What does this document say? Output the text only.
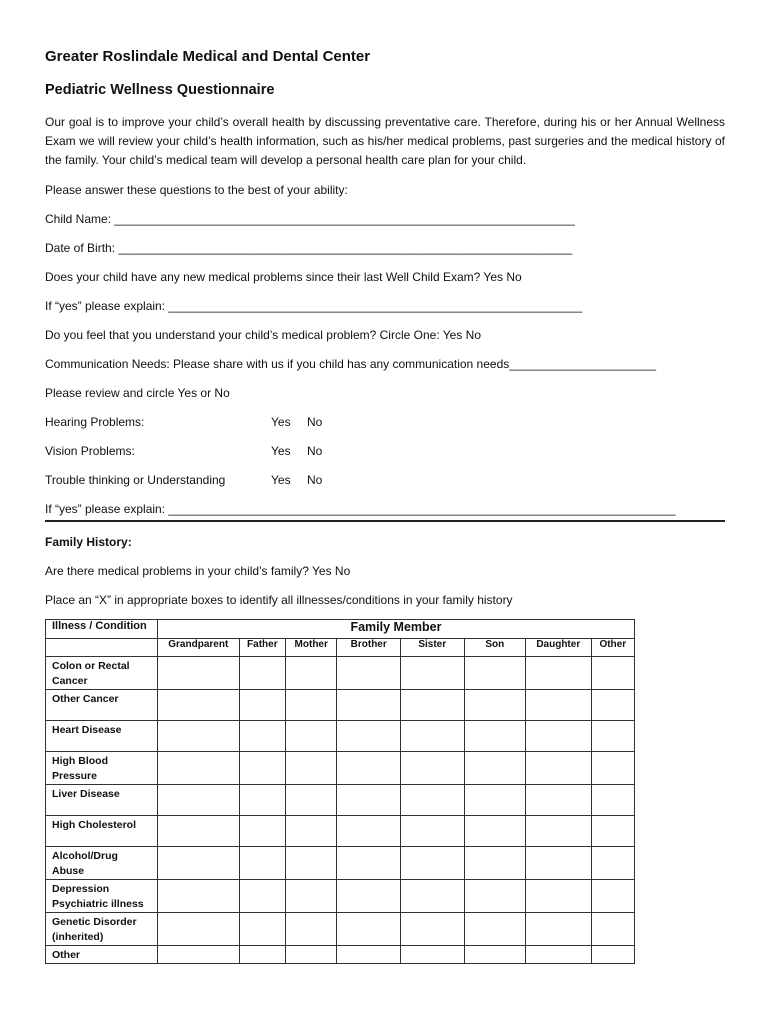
Greater Roslindale Medical and Dental Center
Pediatric Wellness Questionnaire
Our goal is to improve your child’s overall health by discussing preventative care. Therefore, during his or her Annual Wellness Exam we will review your child’s health information, such as his/her medical problems, past surgeries and the medical history of the family. Your child’s medical team will develop a personal health care plan for your child.
Please answer these questions to the best of your ability:
Child Name: _____________________________________________________________________
Date of Birth: ____________________________________________________________________
Does your child have any new medical problems since their last Well Child Exam? Yes No
If “yes” please explain: ______________________________________________________________
Do you feel that you understand your child’s medical problem? Circle One: Yes No
Communication Needs: Please share with us if you child has any communication needs______________________
Please review and circle Yes or No
Hearing Problems:	Yes No
Vision Problems:	Yes No
Trouble thinking or Understanding	Yes No
If “yes” please explain: ____________________________________________________________________________
Family History:
Are there medical problems in your child’s family? Yes No
Place an “X” in appropriate boxes to identify all illnesses/conditions in your family history
Illness / Condition	Family Member							
	Grandparent	Father	Mother	Brother	Sister	Son	Daughter	Other
Colon or Rectal Cancer								
Other Cancer								
Heart Disease								
High Blood Pressure								
Liver Disease								
High Cholesterol								
Alcohol/Drug Abuse								
Depression Psychiatric illness								
Genetic Disorder (inherited)								
Other								
